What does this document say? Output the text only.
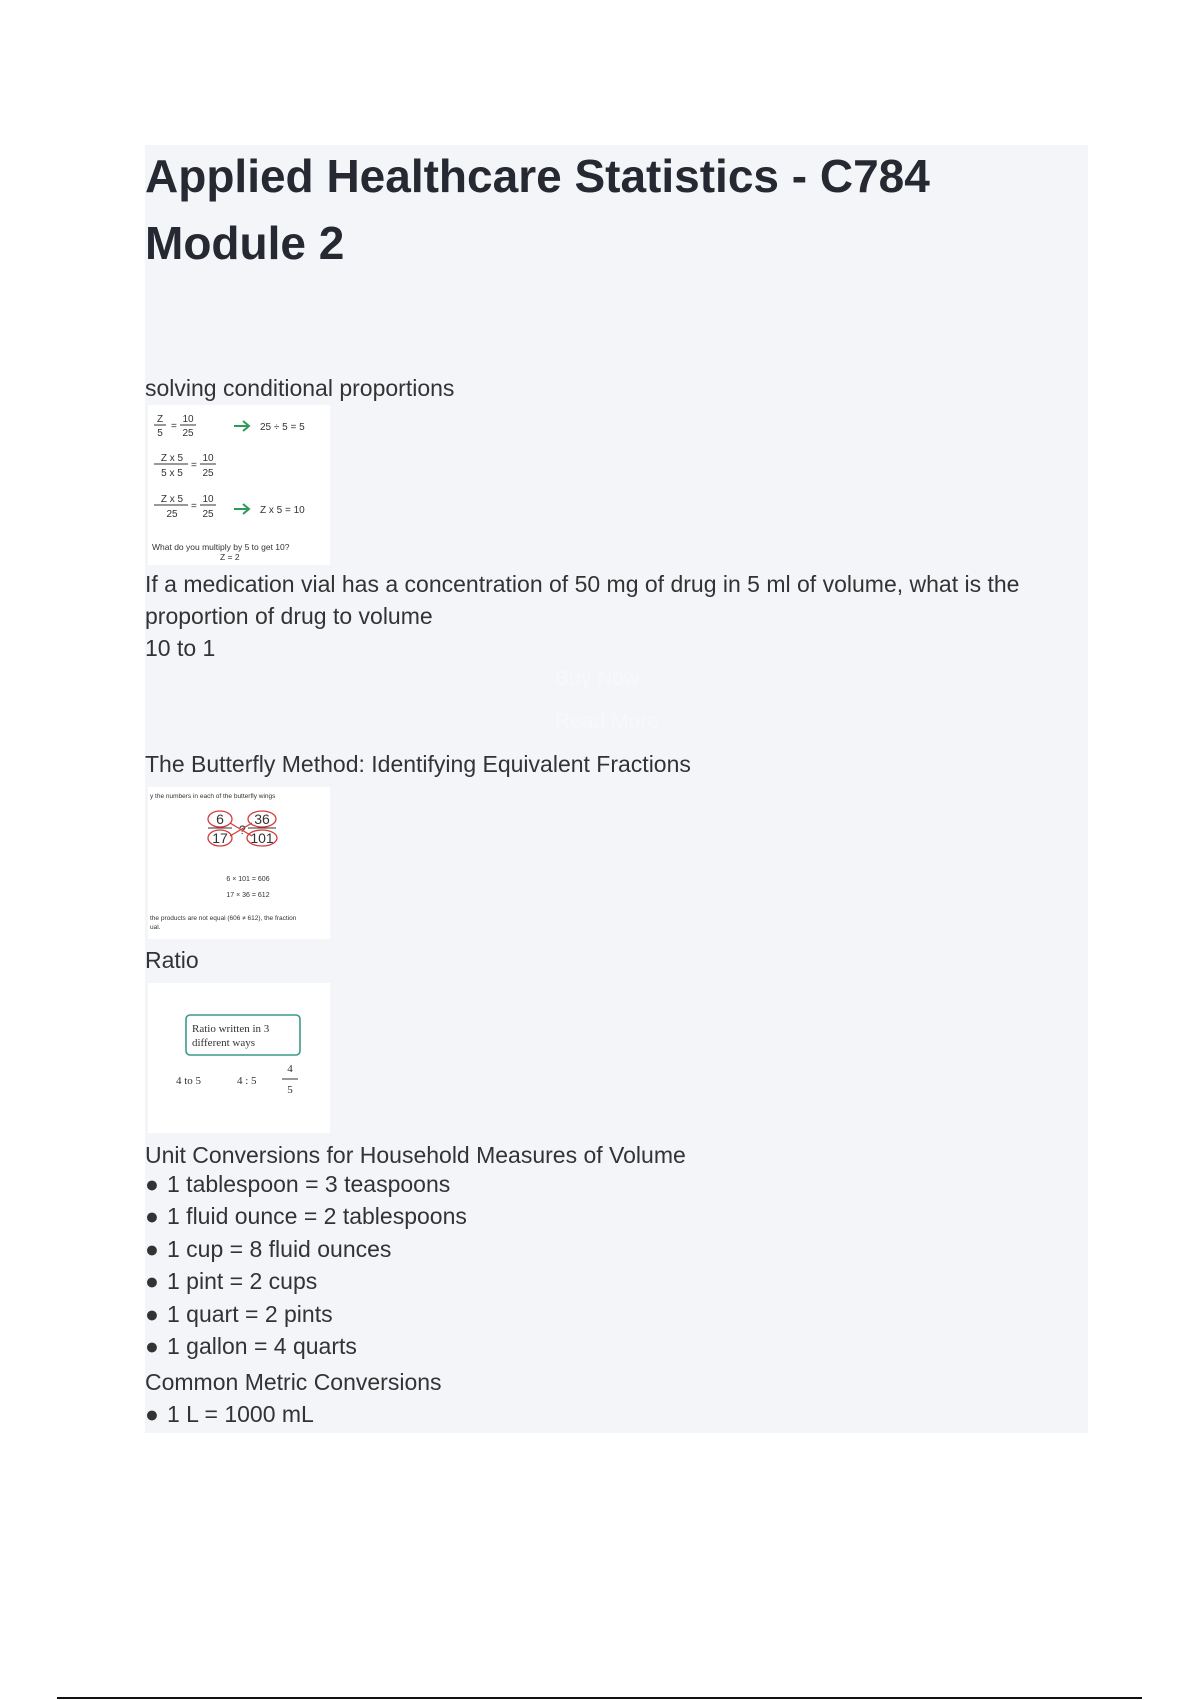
Applied Healthcare Statistics - C784 Module 2
solving conditional proportions
Z
5
=
10
25
25 ÷ 5 = 5
Z x 5
5 x 5
=
10
25
Z x 5
25
=
10
25	Z x 5 = 10
What do you multiply by 5 to get 10?
Z = 2
If a medication vial has a concentration of 50 mg of drug in 5 ml of volume, what is the
proportion of drug to volume
10 to 1
Buy Now
Read More
The Butterfly Method: Identifying Equivalent Fractions
y the numbers in each of the butterfly wings
6
17 ?
36
101
6 × 101 = 606
17 × 36 = 612
the products are not equal (606 ≠ 612), the fraction
ual.
Ratio
Ratio written in 3
different ways
4 to 5	4 : 5
4
5
Unit Conversions for Household Measures of Volume
● 1 tablespoon = 3 teaspoons
● 1 fluid ounce = 2 tablespoons
● 1 cup = 8 fluid ounces
● 1 pint = 2 cups
● 1 quart = 2 pints
● 1 gallon = 4 quarts
Common Metric Conversions
● 1 L = 1000 mL
